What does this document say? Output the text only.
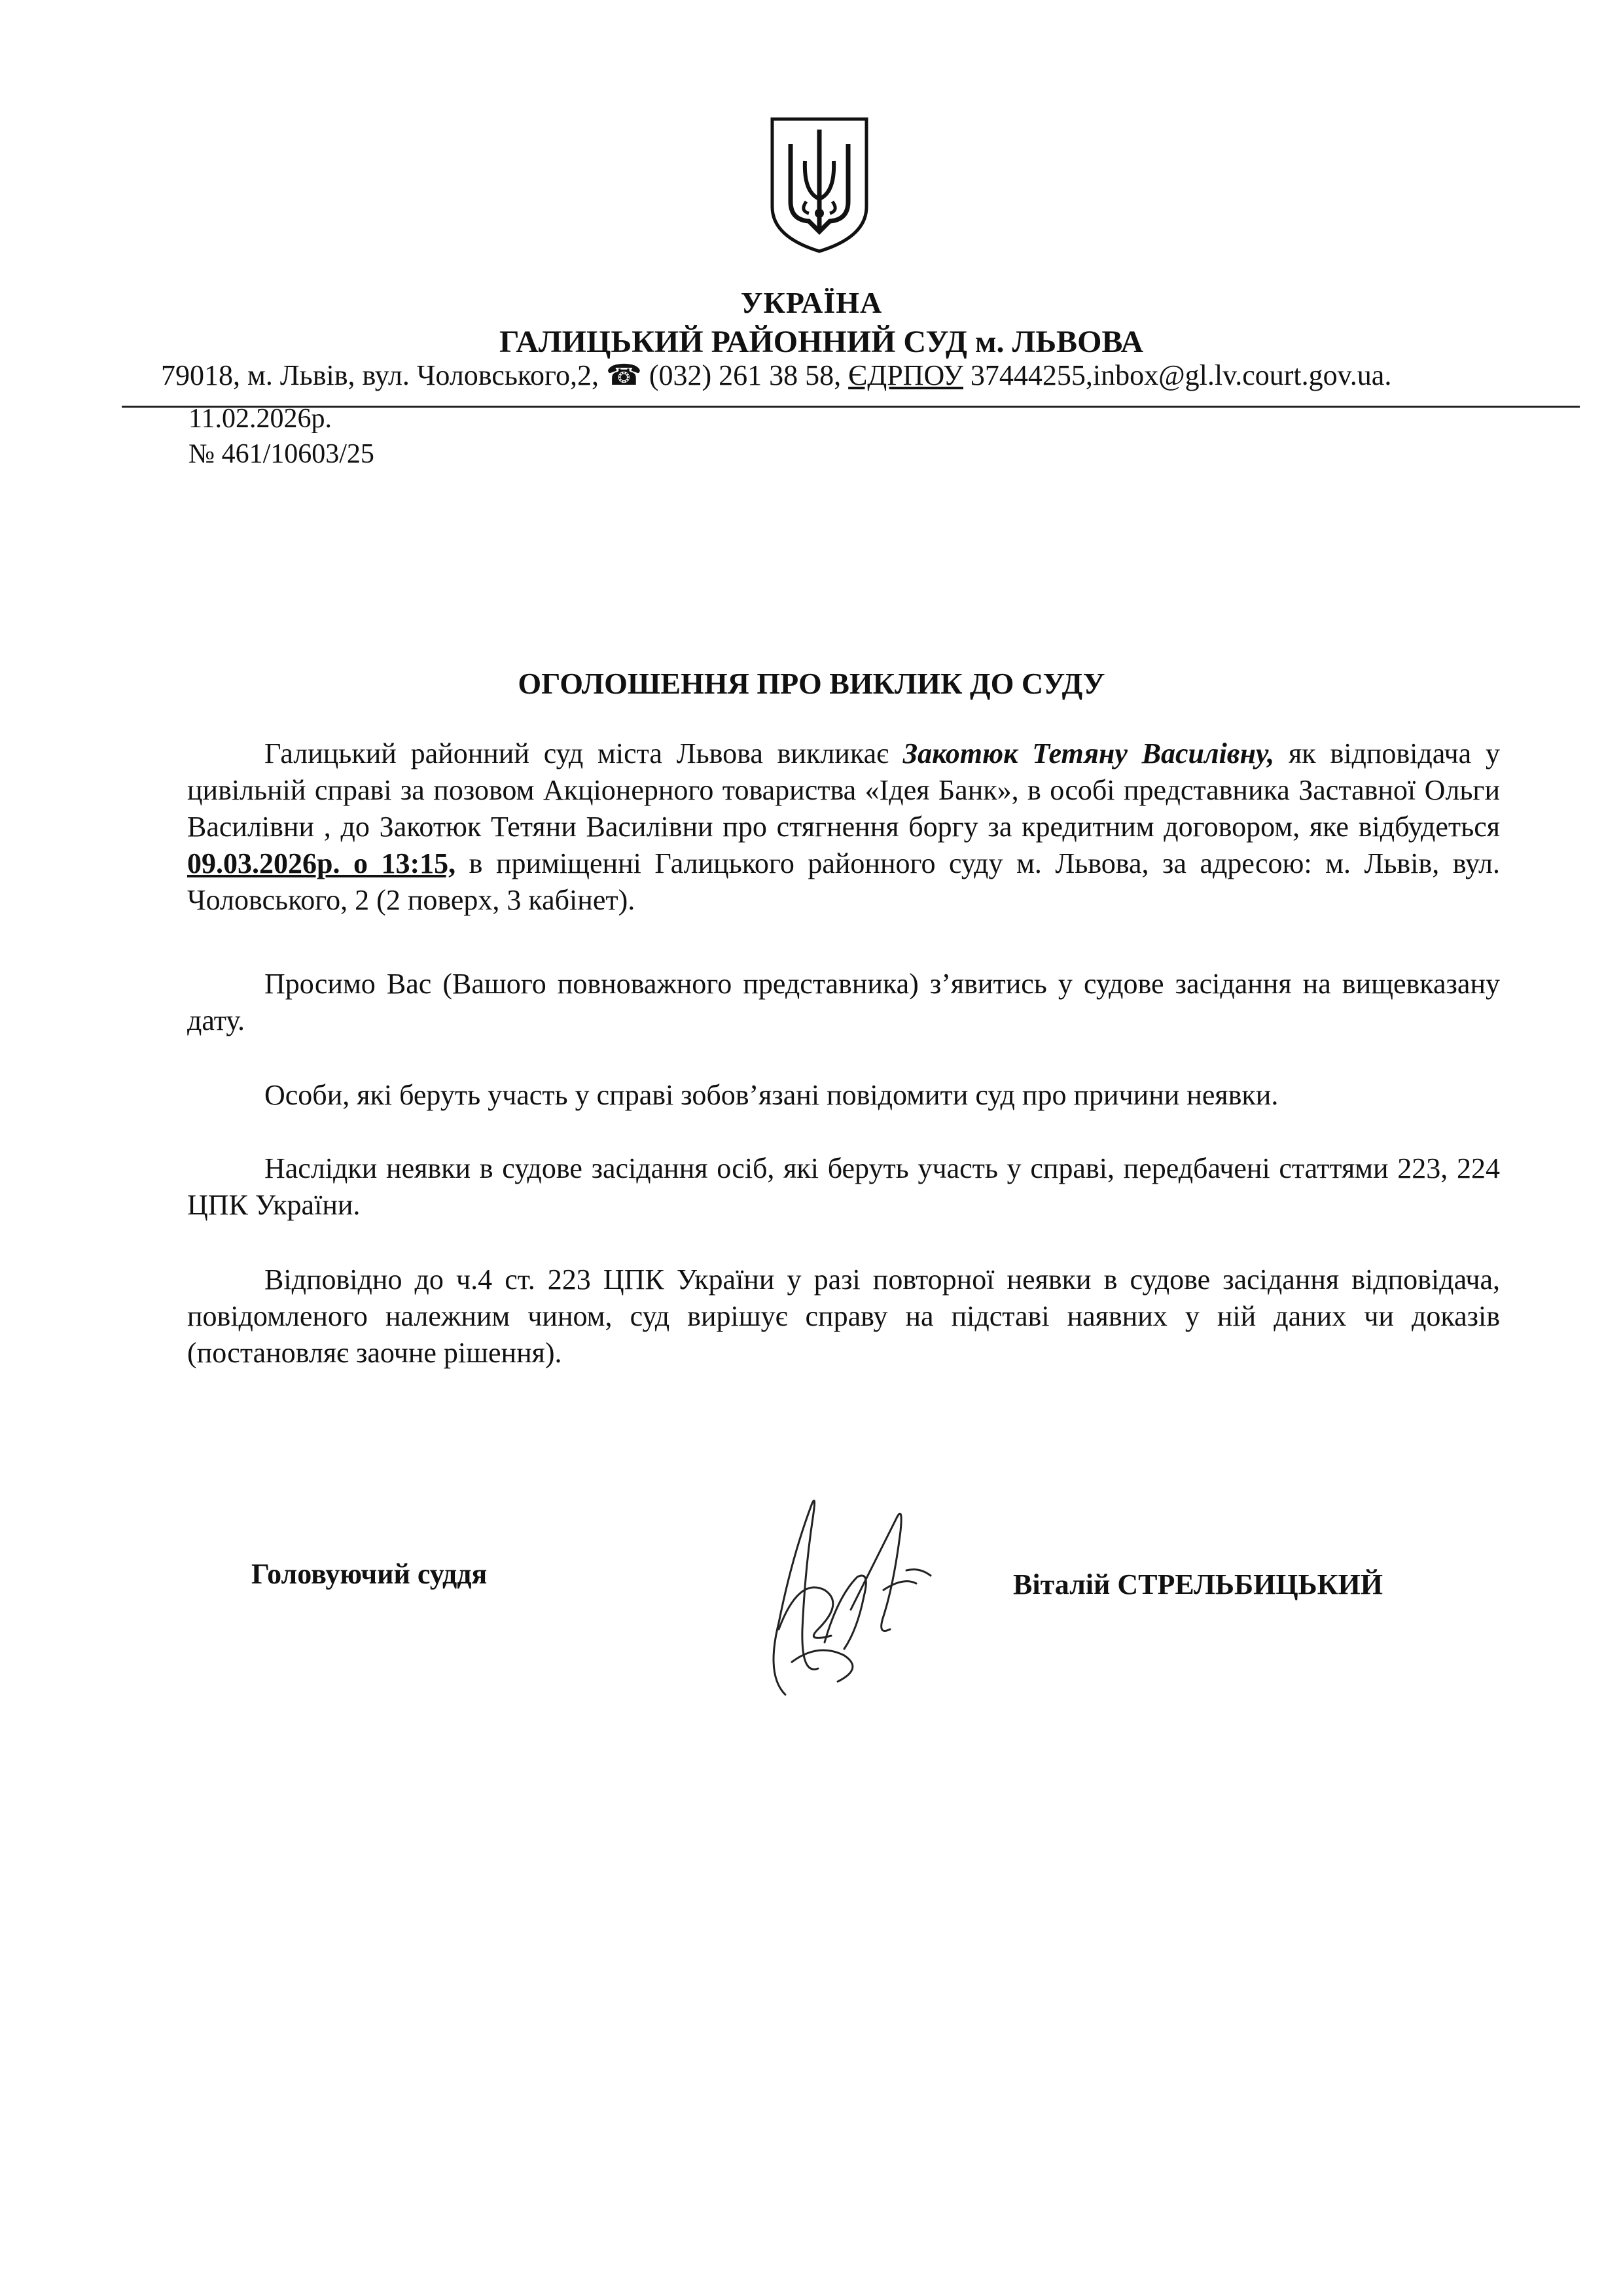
УКРАЇНА
ГАЛИЦЬКИЙ РАЙОННИЙ СУД м. ЛЬВОВА
79018, м. Львів, вул. Чоловського,2, ☎ (032) 261 38 58, ЄДРПОУ 37444255,inbox@gl.lv.court.gov.ua.
11.02.2026р.
№ 461/10603/25
ОГОЛОШЕННЯ ПРО ВИКЛИК ДО СУДУ
Галицький районний суд міста Львова викликає Закотюк Тетяну Василівну, як відповідача у цивільній справі за позовом Акціонерного товариства «Ідея Банк», в особі представника Заставної Ольги Василівни , до Закотюк Тетяни Василівни про стягнення боргу за кредитним договором, яке відбудеться 09.03.2026р. о 13:15, в приміщенні Галицького районного суду м. Львова, за адресою: м. Львів, вул. Чоловського, 2 (2 поверх, 3 кабінет).
Просимо Вас (Вашого повноважного представника) з’явитись у судове засідання на вищевказану дату.
Особи, які беруть участь у справі зобов’язані повідомити суд про причини неявки.
Наслідки неявки в судове засідання осіб, які беруть участь у справі, передбачені статтями 223, 224 ЦПК України.
Відповідно до ч.4 ст. 223 ЦПК України у разі повторної неявки в судове засідання відповідача, повідомленого належним чином, суд вирішує справу на підставі наявних у ній даних чи доказів (постановляє заочне рішення).
Головуючий суддя	Віталій СТРЕЛЬБИЦЬКИЙ
